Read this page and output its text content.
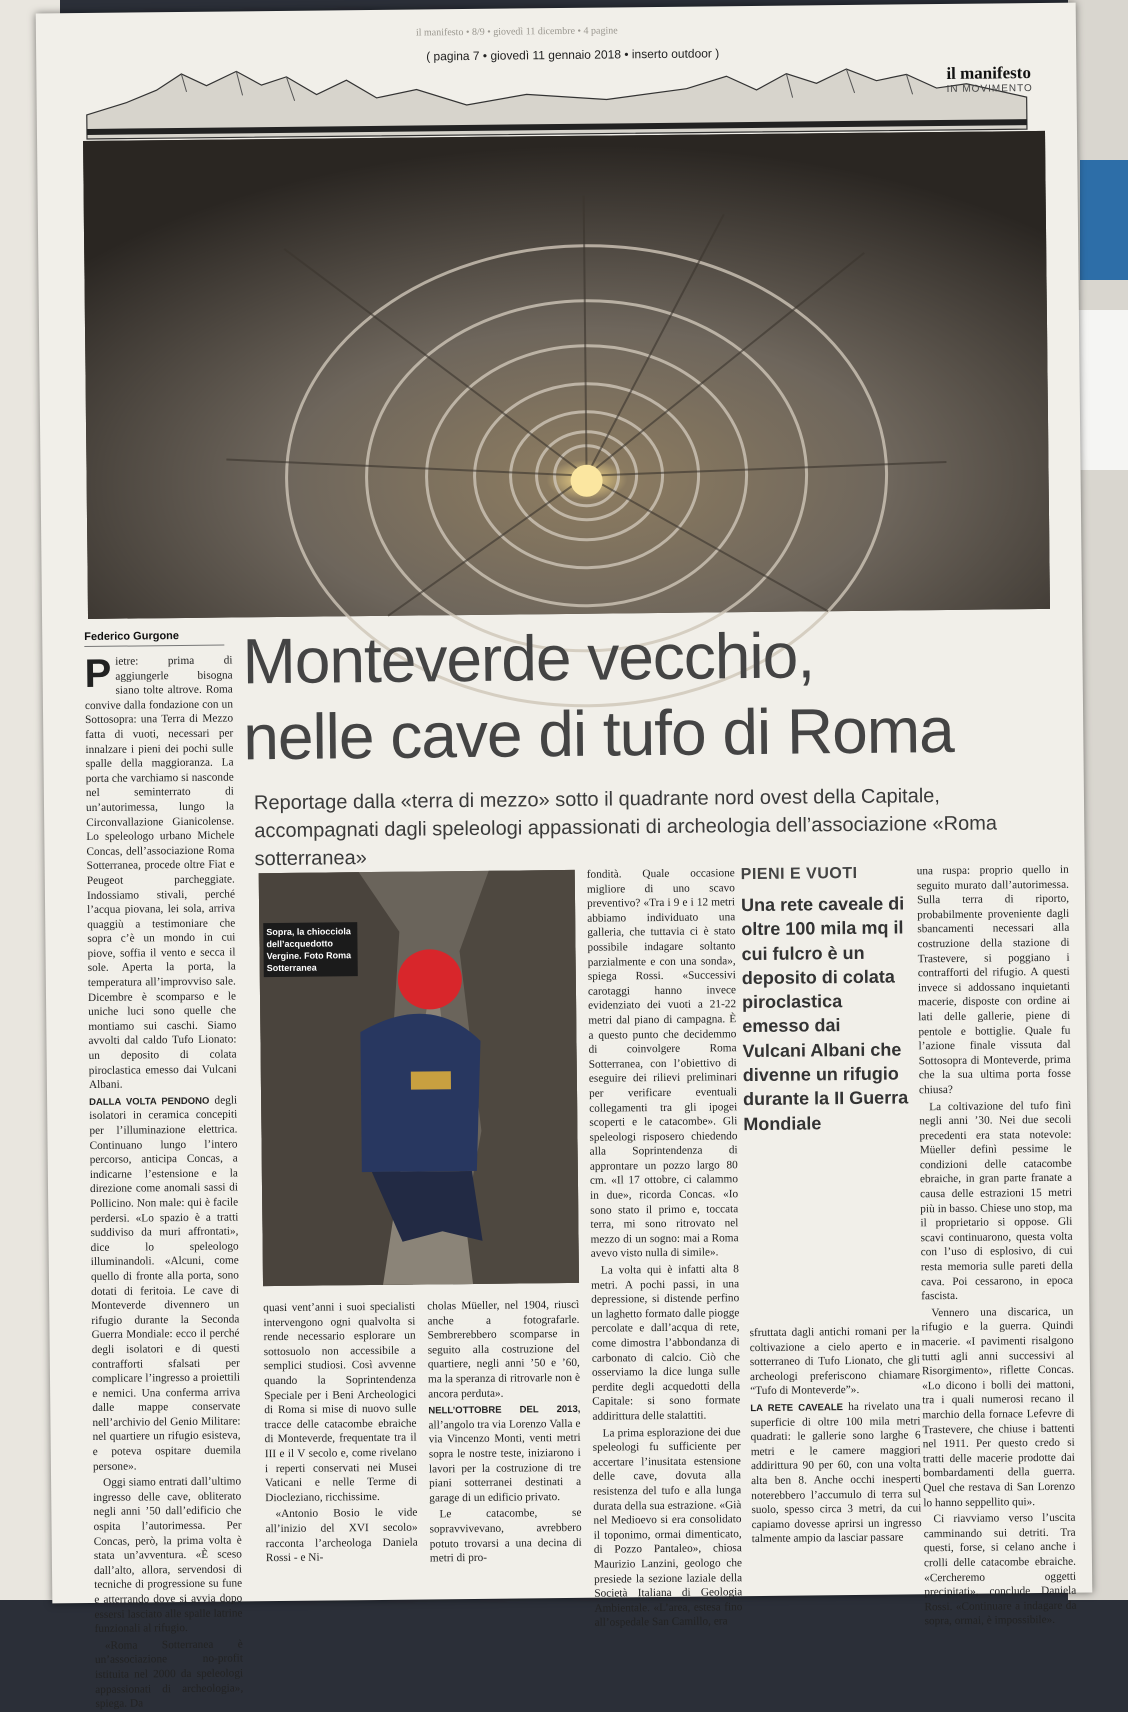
il manifesto • 8/9 • giovedì 11 dicembre • 4 pagine
( pagina 7 • giovedì 11 gennaio 2018 • inserto outdoor )
il manifesto
IN MOVIMENTO
Federico Gurgone Monteverde vecchio,
nelle cave di tufo di Roma
Reportage dalla «terra di mezzo» sotto il quadrante nord ovest della Capitale, accompagnati dagli speleologi appassionati di archeologia dell’associazione «Roma sotterranea»

Pietre: prima di aggiungerle bisogna siano tolte altrove. Roma convive dalla fondazione con un Sottosopra: una Terra di Mezzo fatta di vuoti, necessari per innalzare i pieni dei pochi sulle spalle della maggioranza. La porta che varchiamo si nasconde nel seminterrato di un’autorimessa, lungo la Circonvallazione Gianicolense. Lo speleologo urbano Michele Concas, dell’associazione Roma Sotterranea, procede oltre Fiat e Peugeot parcheggiate. Indossiamo stivali, perché l’acqua piovana, lei sola, arriva quaggiù a testimoniare che sopra c’è un mondo in cui piove, soffia il vento e secca il sole. Aperta la porta, la temperatura all’improvviso sale. Dicembre è scomparso e le uniche luci sono quelle che montiamo sui caschi. Siamo avvolti dal caldo Tufo Lionato: un deposito di colata piroclastica emesso dai Vulcani Albani.

DALLA VOLTA PENDONO degli isolatori in ceramica concepiti per l’illuminazione elettrica. Continuano lungo l’intero percorso, anticipa Concas, a indicarne l’estensione e la direzione come anomali sassi di Pollicino. Non male: qui è facile perdersi. «Lo spazio è a tratti suddiviso da muri affrontati», dice lo speleologo illuminandoli. «Alcuni, come quello di fronte alla porta, sono dotati di feritoia. Le cave di Monteverde divennero un rifugio durante la Seconda Guerra Mondiale: ecco il perché degli isolatori e di questi contrafforti sfalsati per complicare l’ingresso a proiettili e nemici. Una conferma arriva dalle mappe conservate nell’archivio del Genio Militare: nel quartiere un rifugio esisteva, e poteva ospitare duemila persone».

Oggi siamo entrati dall’ultimo ingresso delle cave, obliterato negli anni ’50 dall’edificio che ospita l’autorimessa. Per Concas, però, la prima volta è stata un’avventura. «È sceso dall’alto, allora, servendosi di tecniche di progressione su fune e atterrando dove si avvia dopo essersi lasciato alle spalle latrine funzionali al rifugio.

«Roma Sotterranea è un’associazione no-profit istituita nel 2000 da speleologi appassionati di archeologia», spiega. Da

Sopra, la chiocciola dell’acquedotto Vergine. Foto Roma Sotterranea

quasi vent’anni i suoi specialisti intervengono ogni qualvolta si rende necessario esplorare un sottosuolo non accessibile a semplici studiosi. Così avvenne quando la Soprintendenza Speciale per i Beni Archeologici di Roma si mise di nuovo sulle tracce delle catacombe ebraiche di Monteverde, frequentate tra il III e il V secolo e, come rivelano i reperti conservati nei Musei Vaticani e nelle Terme di Diocleziano, ricchissime.

«Antonio Bosio le vide all’inizio del XVI secolo» racconta l’archeologa Daniela Rossi - e Ni-

cholas Müeller, nel 1904, riuscì anche a fotografarle. Sembrerebbero scomparse in seguito alla costruzione del quartiere, negli anni ’50 e ’60, ma la speranza di ritrovarle non è ancora perduta».

NELL’OTTOBRE DEL 2013, all’angolo tra via Lorenzo Valla e via Vincenzo Monti, venti metri sopra le nostre teste, iniziarono i lavori per la costruzione di tre piani sotterranei destinati a garage di un edificio privato.

Le catacombe, se sopravvivevano, avrebbero potuto trovarsi a una decina di metri di pro-

fondità. Quale occasione migliore di uno scavo preventivo? «Tra i 9 e i 12 metri abbiamo individuato una galleria, che tuttavia ci è stato possibile indagare soltanto parzialmente e con una sonda», spiega Rossi. «Successivi carotaggi hanno invece evidenziato dei vuoti a 21-22 metri dal piano di campagna. È a questo punto che decidemmo di coinvolgere Roma Sotterranea, con l’obiettivo di eseguire dei rilievi preliminari per verificare eventuali collegamenti tra gli ipogei scoperti e le catacombe». Gli speleologi risposero chiedendo alla Soprintendenza di approntare un pozzo largo 80 cm. «Il 17 ottobre, ci calammo in due», ricorda Concas. «Io sono stato il primo e, toccata terra, mi sono ritrovato nel mezzo di un sogno: mai a Roma avevo visto nulla di simile».

La volta qui è infatti alta 8 metri. A pochi passi, in una depressione, si distende perfino un laghetto formato dalle piogge percolate e dall’acqua di rete, come dimostra l’abbondanza di carbonato di calcio. Ciò che osserviamo la dice lunga sulle perdite degli acquedotti della Capitale: si sono formate addirittura delle stalattiti.

La prima esplorazione dei due speleologi fu sufficiente per accertare l’inusitata estensione delle cave, dovuta alla resistenza del tufo e alla lunga durata della sua estrazione. «Già nel Medioevo si era consolidato il toponimo, ormai dimenticato, di Pozzo Pantaleo», chiosa Maurizio Lanzini, geologo che presiede la sezione laziale della Società Italiana di Geologia Ambientale. «L’area, estesa fino all’ospedale San Camillo, era

PIENI E VUOTI
Una rete caveale di oltre 100 mila mq il cui fulcro è un deposito di colata piroclastica emesso dai Vulcani Albani che divenne un rifugio durante la II Guerra Mondiale

sfruttata dagli antichi romani per la coltivazione a cielo aperto e in sotterraneo di Tufo Lionato, che gli archeologi preferiscono chiamare “Tufo di Monteverde”».

LA RETE CAVEALE ha rivelato una superficie di oltre 100 mila metri quadrati: le gallerie sono larghe 6 metri e le camere maggiori addirittura 90 per 60, con una volta alta ben 8. Anche occhi inesperti noterebbero l’accumulo di terra sul suolo, spesso circa 3 metri, da cui capiamo dovesse aprirsi un ingresso talmente ampio da lasciar passare

una ruspa: proprio quello in seguito murato dall’autorimessa. Sulla terra di riporto, probabilmente proveniente dagli sbancamenti necessari alla costruzione della stazione di Trastevere, si poggiano i contrafforti del rifugio. A questi invece si addossano inquietanti macerie, disposte con ordine ai lati delle gallerie, piene di pentole e bottiglie. Quale fu l’azione finale vissuta dal Sottosopra di Monteverde, prima che la sua ultima porta fosse chiusa?

La coltivazione del tufo finì negli anni ’30. Nei due secoli precedenti era stata notevole: Müeller definì pessime le condizioni delle catacombe ebraiche, in gran parte franate a causa delle estrazioni 15 metri più in basso. Chiese uno stop, ma il proprietario si oppose. Gli scavi continuarono, questa volta con l’uso di esplosivo, di cui resta memoria sulle pareti della cava. Poi cessarono, in epoca fascista.

Vennero una discarica, un rifugio e la guerra. Quindi macerie. «I pavimenti risalgono tutti agli anni successivi al Risorgimento», riflette Concas. «Lo dicono i bolli dei mattoni, tra i quali numerosi recano il marchio della fornace Lefevre di Trastevere, che chiuse i battenti nel 1911. Per questo credo si tratti delle macerie prodotte dai bombardamenti della guerra. Quel che restava di San Lorenzo lo hanno seppellito qui».

Ci riavviamo verso l’uscita camminando sui detriti. Tra questi, forse, si celano anche i crolli delle catacombe ebraiche. «Cercheremo oggetti precipitati», conclude Daniela Rossi. «Continuare a indagare da sopra, ormai, è impossibile».
